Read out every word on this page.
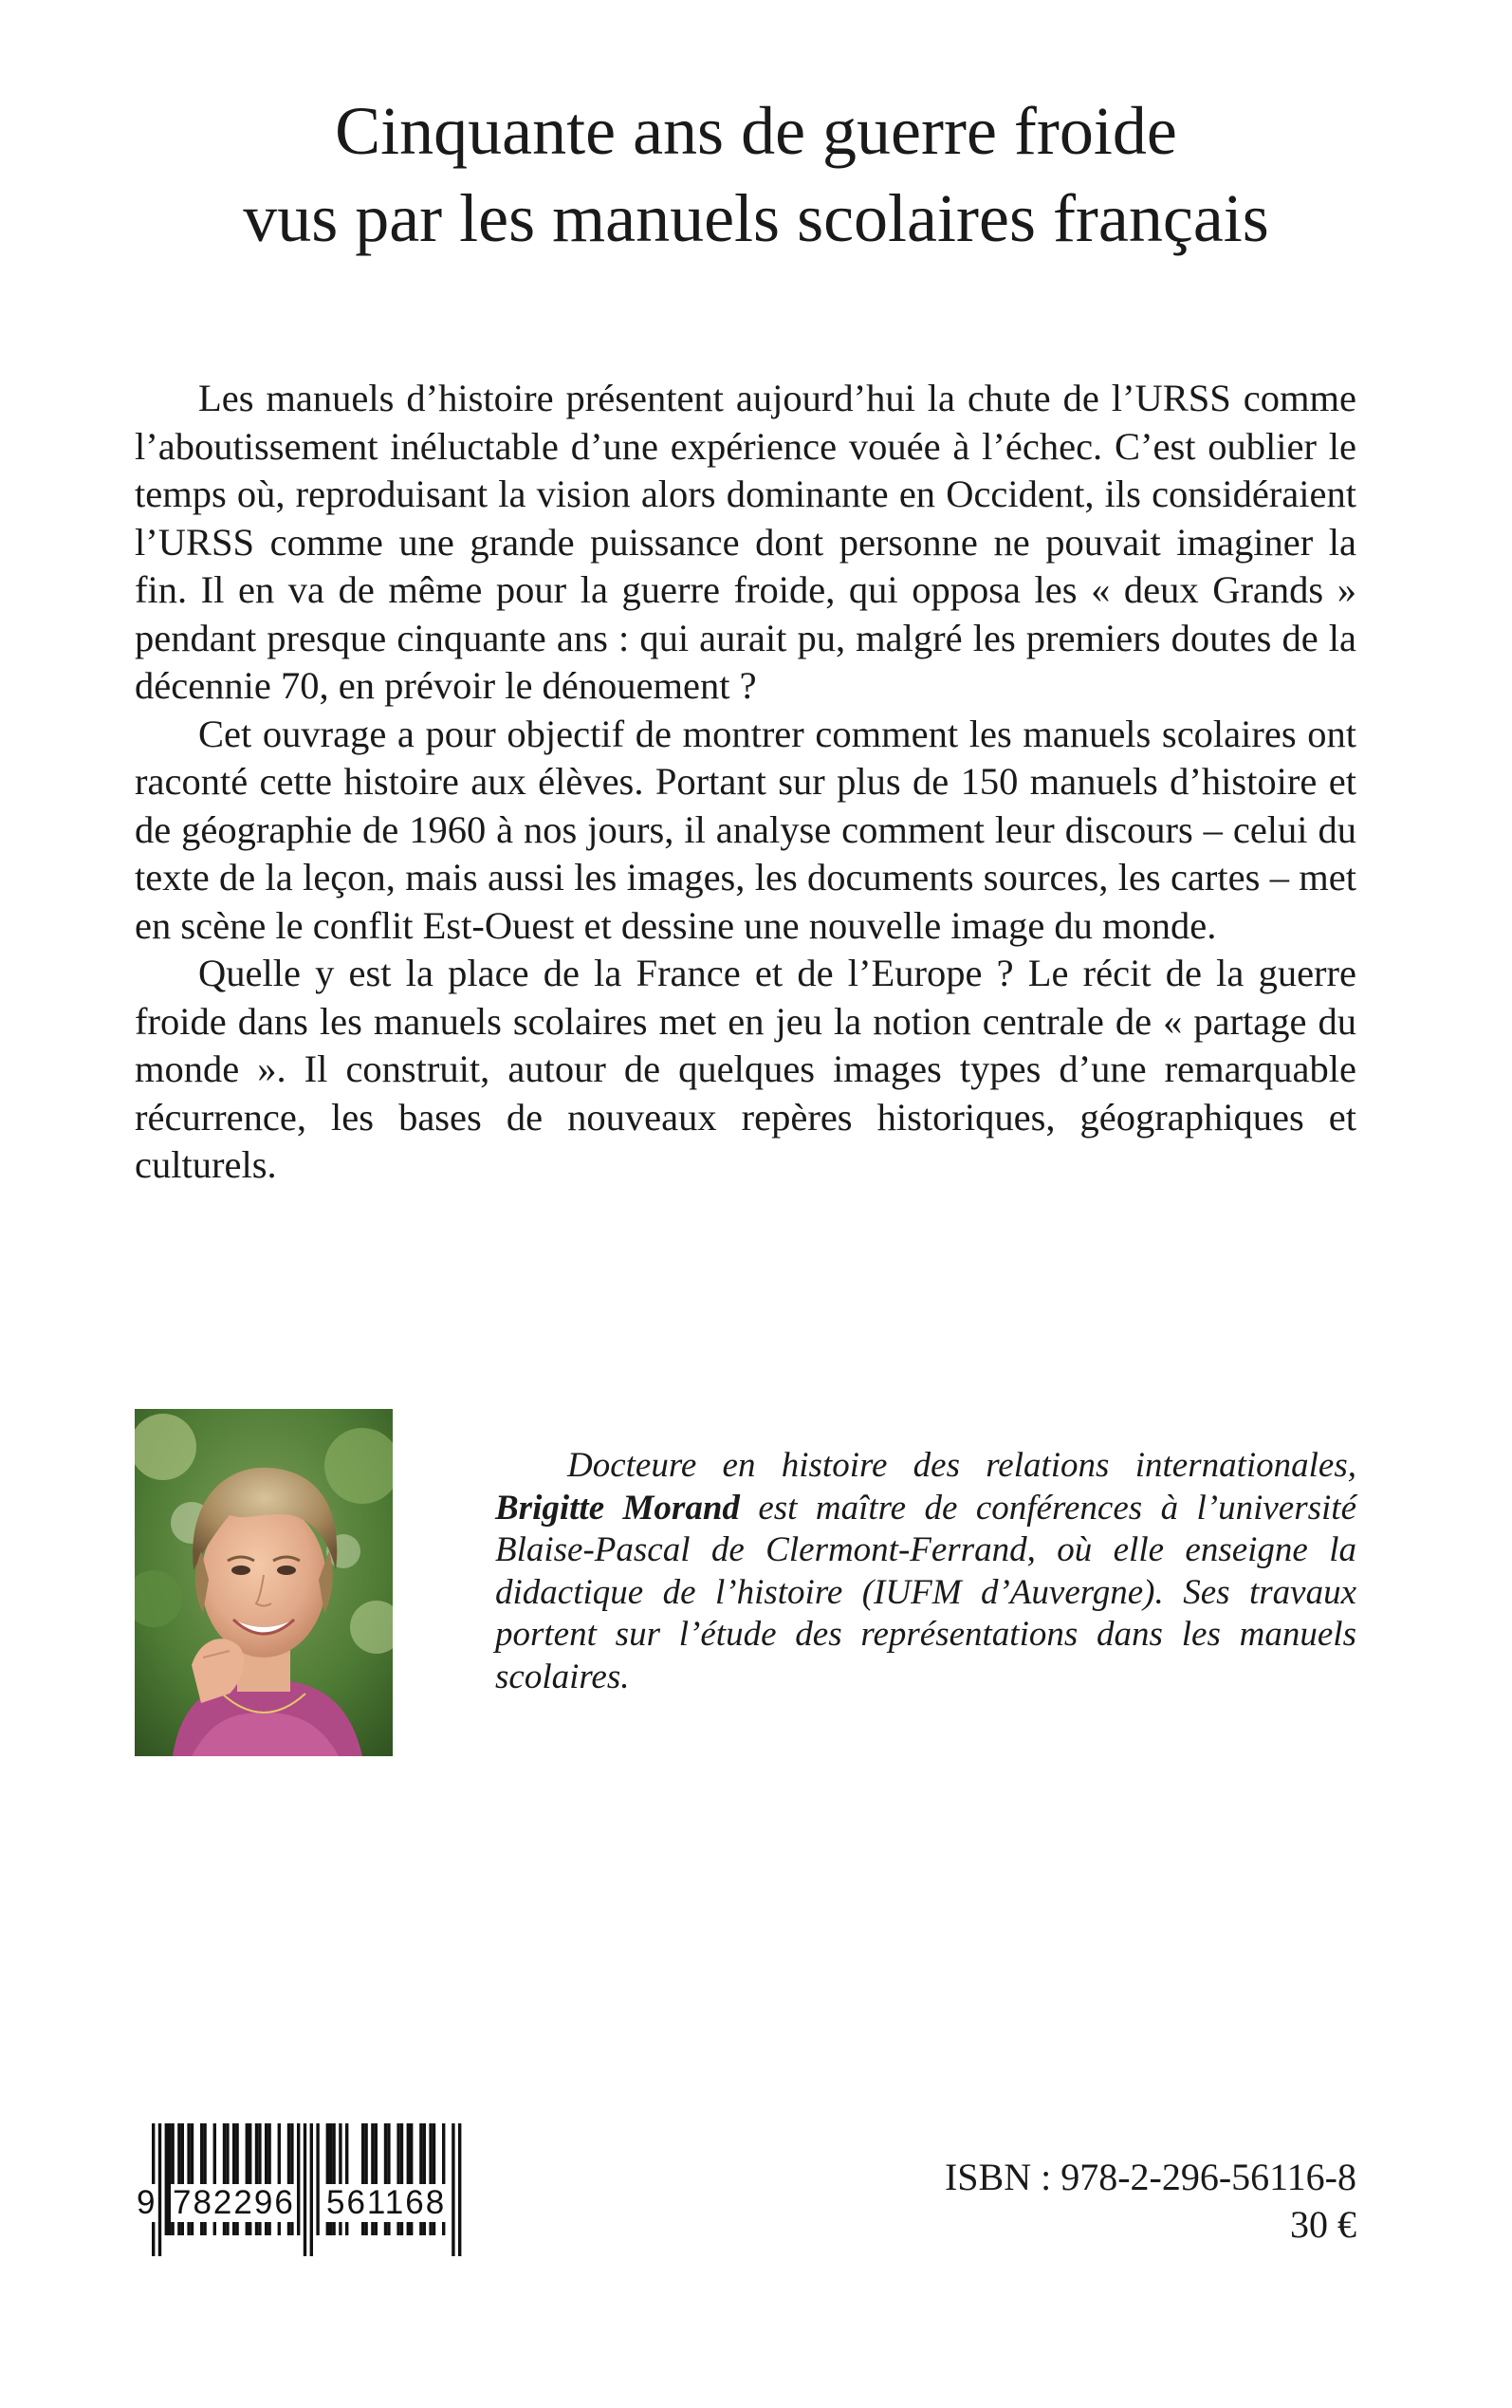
Cinquante ans de guerre froide
vus par les manuels scolaires français

Les manuels d’histoire présentent aujourd’hui la chute de l’URSS comme l’aboutissement inéluctable d’une expérience vouée à l’échec. C’est oublier le temps où, reproduisant la vision alors dominante en Occident, ils considéraient l’URSS comme une grande puissance dont personne ne pouvait imaginer la fin. Il en va de même pour la guerre froide, qui opposa les « deux Grands » pendant presque cinquante ans : qui aurait pu, malgré les premiers doutes de la décennie 70, en prévoir le dénouement ?

Cet ouvrage a pour objectif de montrer comment les manuels scolaires ont raconté cette histoire aux élèves. Portant sur plus de 150 manuels d’histoire et de géographie de 1960 à nos jours, il analyse comment leur discours – celui du texte de la leçon, mais aussi les images, les documents sources, les cartes – met en scène le conflit Est-Ouest et dessine une nouvelle image du monde.

Quelle y est la place de la France et de l’Europe ? Le récit de la guerre froide dans les manuels scolaires met en jeu la notion centrale de « partage du monde ». Il construit, autour de quelques images types d’une remarquable récurrence, les bases de nouveaux repères historiques, géographiques et culturels.

Docteure en histoire des relations internationales, Brigitte Morand est maître de conférences à l’université Blaise-Pascal de Clermont-Ferrand, où elle enseigne la didactique de l’histoire (IUFM d’Auvergne). Ses travaux portent sur l’étude des représentations dans les manuels scolaires.

9 782296 561168
ISBN : 978-2-296-56116-8
30 €
